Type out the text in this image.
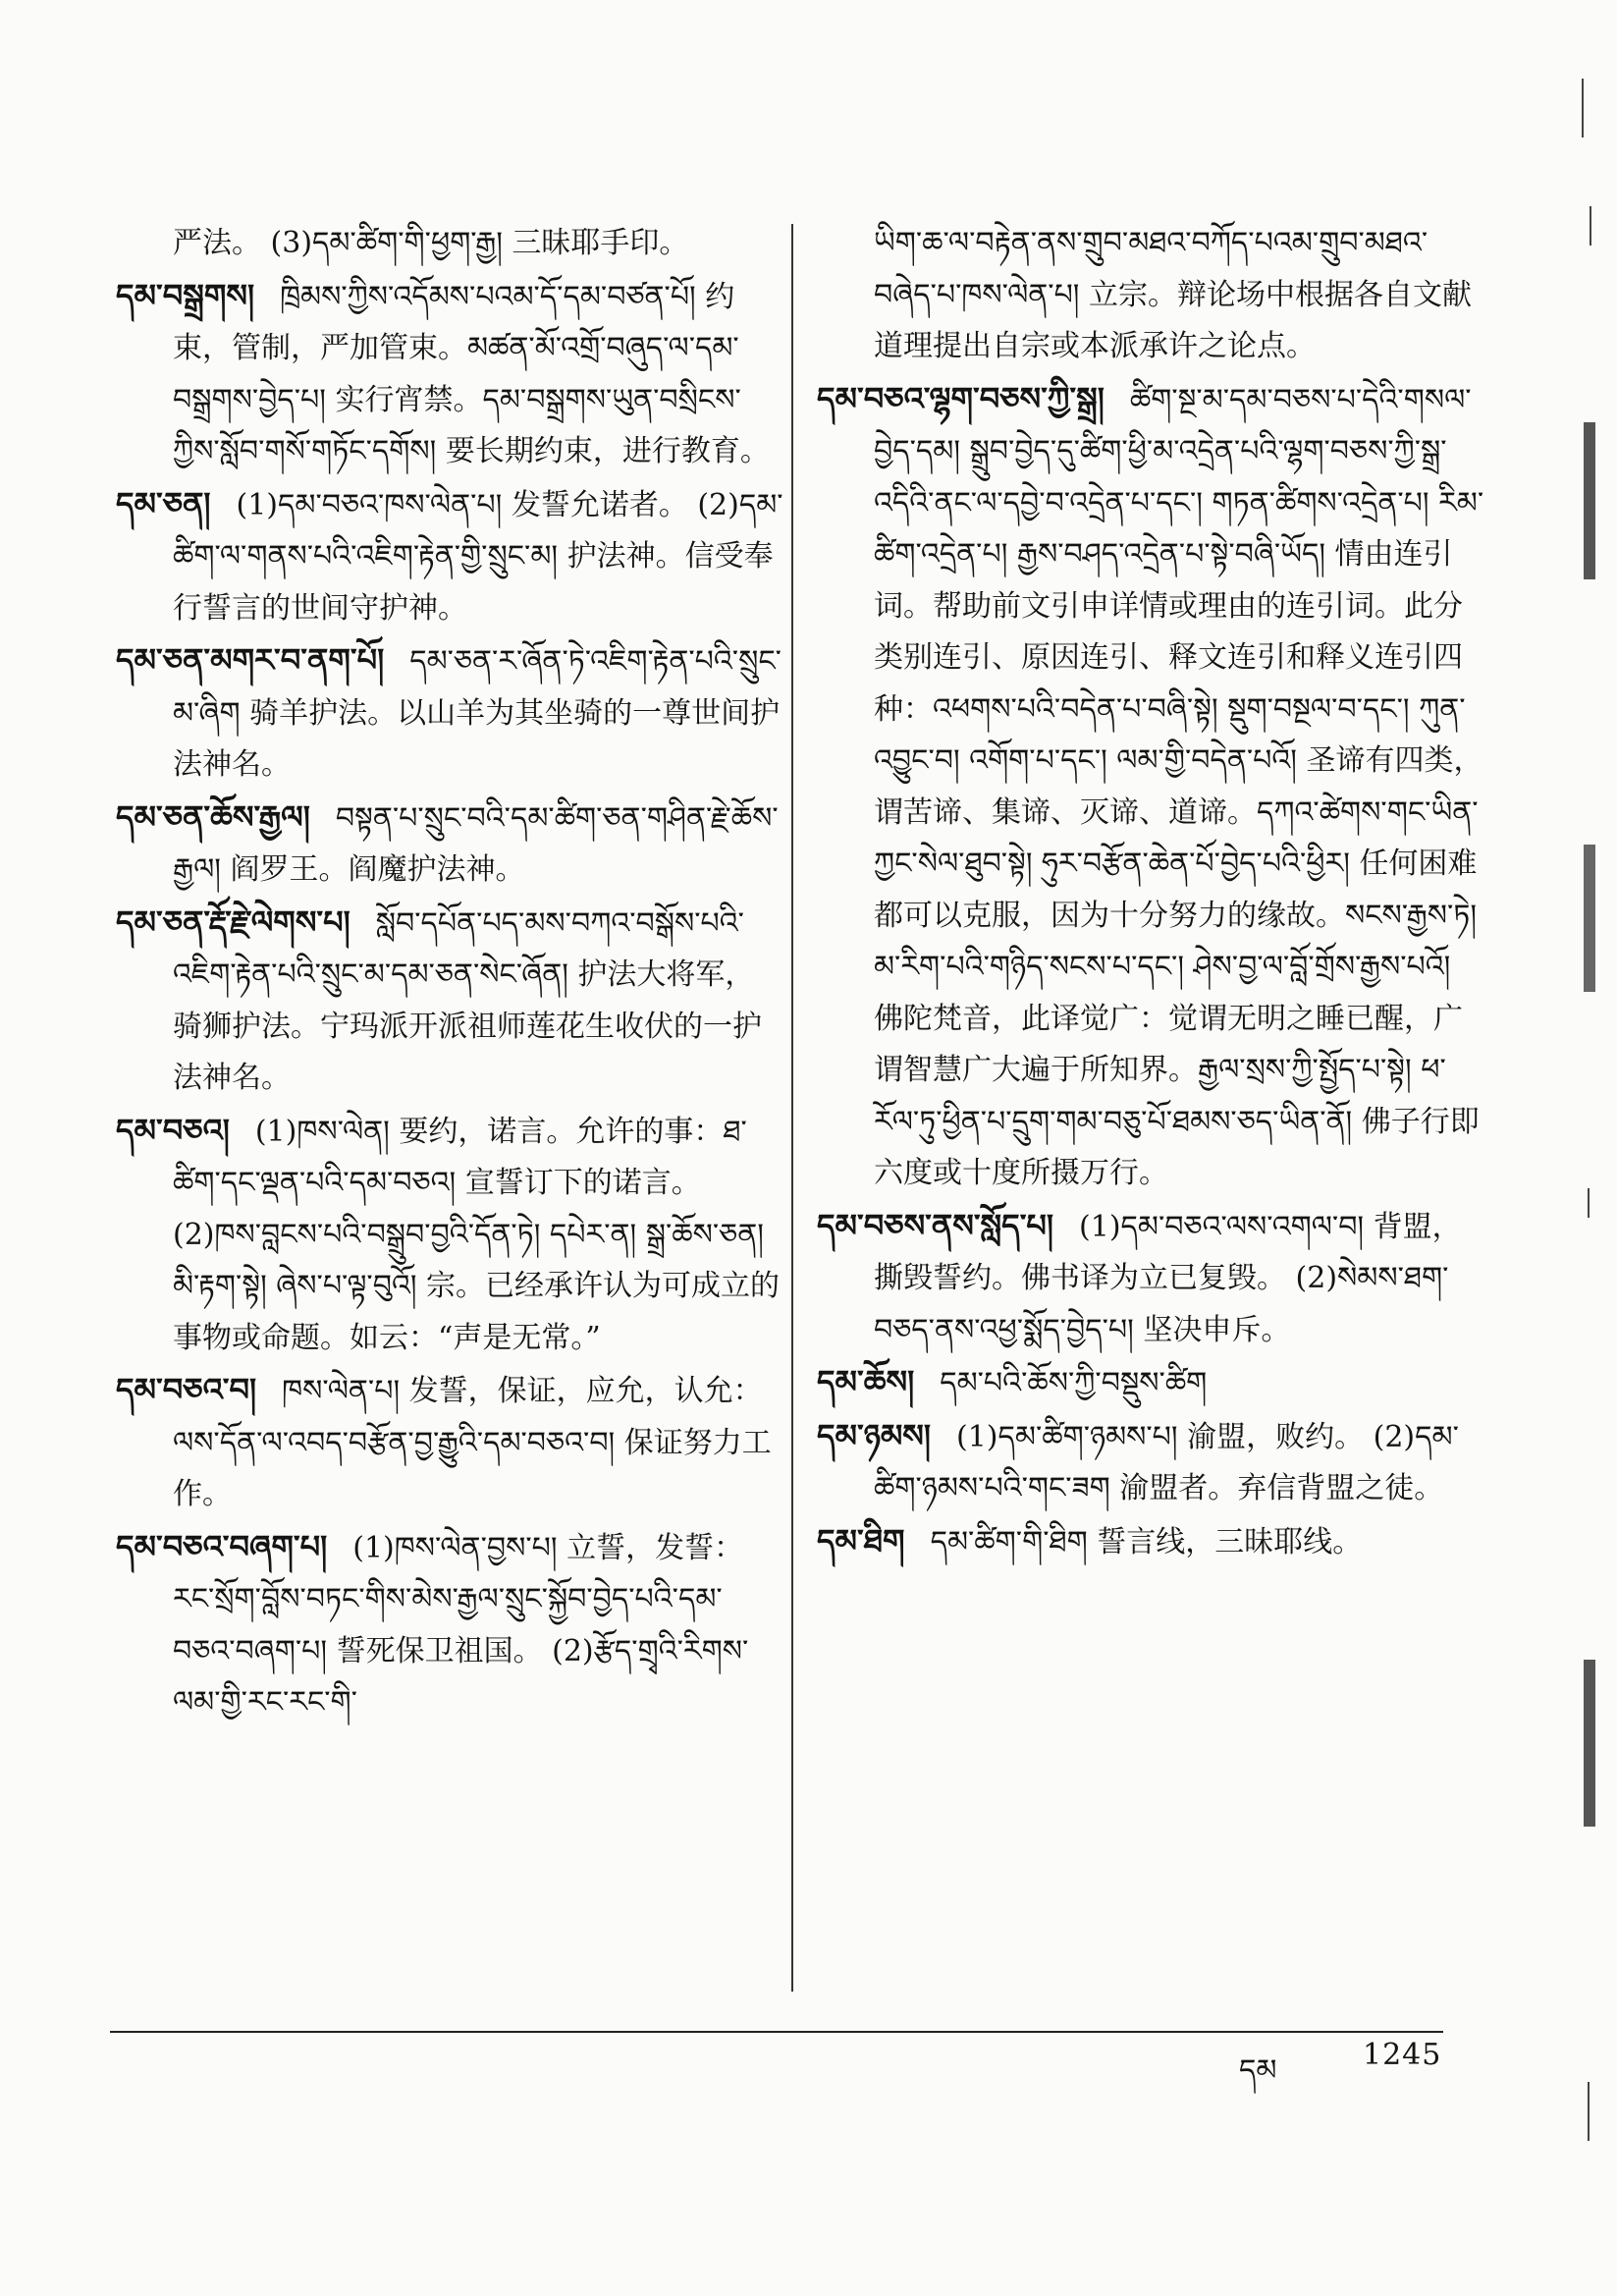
严法。 (3)དམ་ཚིག་གི་ཕྱག་རྒྱ། 三昧耶手印。

དམ་བསྒྲགས། ཁྲིམས་ཀྱིས་འདོམས་པའམ་དོ་དམ་བཙན་པོ། 约束，管制，严加管束。མཚན་མོ་འགྲོ་བཞུད་ལ་དམ་བསྒྲགས་བྱེད་པ། 实行宵禁。དམ་བསྒྲགས་ཡུན་བསྲིངས་ཀྱིས་སློབ་གསོ་གཏོང་དགོས། 要长期约束，进行教育。

དམ་ཅན། (1)དམ་བཅའ་ཁས་ལེན་པ། 发誓允诺者。 (2)དམ་ཚིག་ལ་གནས་པའི་འཇིག་རྟེན་གྱི་སྲུང་མ། 护法神。信受奉行誓言的世间守护神。

དམ་ཅན་མགར་བ་ནག་པོ། དམ་ཅན་ར་ཞོན་ཏེ་འཇིག་རྟེན་པའི་སྲུང་མ་ཞིག 骑羊护法。以山羊为其坐骑的一尊世间护法神名。

དམ་ཅན་ཆོས་རྒྱལ། བསྟན་པ་སྲུང་བའི་དམ་ཚིག་ཅན་གཤིན་རྗེ་ཆོས་རྒྱལ། 阎罗王。阎魔护法神。

དམ་ཅན་རྡོ་རྗེ་ལེགས་པ། སློབ་དཔོན་པད་མས་བཀའ་བསྒོས་པའི་འཇིག་རྟེན་པའི་སྲུང་མ་དམ་ཅན་སེང་ཞོན། 护法大将军，骑狮护法。宁玛派开派祖师莲花生收伏的一护法神名。

དམ་བཅའ། (1)ཁས་ལེན། 要约，诺言。允许的事：ཐ་ཚིག་དང་ལྡན་པའི་དམ་བཅའ། 宣誓订下的诺言。 (2)ཁས་བླངས་པའི་བསྒྲུབ་བྱའི་དོན་ཏེ། དཔེར་ན། སྒྲ་ཆོས་ཅན། མི་རྟག་སྟེ། ཞེས་པ་ལྟ་བུའོ། 宗。已经承许认为可成立的事物或命题。如云：“声是无常。”

དམ་བཅའ་བ། ཁས་ལེན་པ། 发誓，保证，应允，认允：ལས་དོན་ལ་འབད་བརྩོན་བྱ་རྒྱུའི་དམ་བཅའ་བ། 保证努力工作。

དམ་བཅའ་བཞག་པ། (1)ཁས་ལེན་བྱས་པ། 立誓，发誓：རང་སྲོག་བློས་བཏང་གིས་མེས་རྒྱལ་སྲུང་སྐྱོབ་བྱེད་པའི་དམ་བཅའ་བཞག་པ། 誓死保卫祖国。 (2)རྩོད་གྲྭའི་རིགས་ལམ་གྱི་རང་རང་གི་

ཡིག་ཆ་ལ་བརྟེན་ནས་གྲུབ་མཐའ་བཀོད་པའམ་གྲུབ་མཐའ་བཞེད་པ་ཁས་ལེན་པ། 立宗。辩论场中根据各自文献道理提出自宗或本派承许之论点。

དམ་བཅའ་ལྷག་བཅས་ཀྱི་སྒྲ། ཚིག་སྔ་མ་དམ་བཅས་པ་དེའི་གསལ་བྱེད་དམ། སྒྲུབ་བྱེད་དུ་ཚིག་ཕྱི་མ་འདྲེན་པའི་ལྷག་བཅས་ཀྱི་སྒྲ་འདིའི་ནང་ལ་དབྱེ་བ་འདྲེན་པ་དང་། གཏན་ཚིགས་འདྲེན་པ། རིམ་ཚིག་འདྲེན་པ། རྒྱས་བཤད་འདྲེན་པ་སྟེ་བཞི་ཡོད། 情由连引词。帮助前文引申详情或理由的连引词。此分类别连引、原因连引、释文连引和释义连引四种：འཕགས་པའི་བདེན་པ་བཞི་སྟེ། སྡུག་བསྔལ་བ་དང་། ཀུན་འབྱུང་བ། འགོག་པ་དང་། ལམ་གྱི་བདེན་པའོ། 圣谛有四类，谓苦谛、集谛、灭谛、道谛。དཀའ་ཚེགས་གང་ཡིན་ཀྱང་སེལ་ཐུབ་སྟེ། ཧུར་བརྩོན་ཆེན་པོ་བྱེད་པའི་ཕྱིར། 任何困难都可以克服，因为十分努力的缘故。སངས་རྒྱས་ཏེ། མ་རིག་པའི་གཉིད་སངས་པ་དང་། ཤེས་བྱ་ལ་བློ་གྲོས་རྒྱས་པའོ། 佛陀梵音，此译觉广：觉谓无明之睡已醒，广谓智慧广大遍于所知界。རྒྱལ་སྲས་ཀྱི་སྤྱོད་པ་སྟེ། ཕ་རོལ་ཏུ་ཕྱིན་པ་དྲུག་གམ་བཅུ་པོ་ཐམས་ཅད་ཡིན་ནོ། 佛子行即六度或十度所摄万行。

དམ་བཅས་ནས་སློད་པ། (1)དམ་བཅའ་ལས་འགལ་བ། 背盟，撕毁誓约。佛书译为立已复毁。 (2)སེམས་ཐག་བཅད་ནས་འཕྱ་སྨོད་བྱེད་པ། 坚决申斥。

དམ་ཆོས། དམ་པའི་ཆོས་ཀྱི་བསྡུས་ཚིག

དམ་ཉམས། (1)དམ་ཚིག་ཉམས་པ། 渝盟，败约。 (2)དམ་ཚིག་ཉམས་པའི་གང་ཟག 渝盟者。弃信背盟之徒。

དམ་ཐིག དམ་ཚིག་གི་ཐིག 誓言线，三昧耶线。

དམ	1245
